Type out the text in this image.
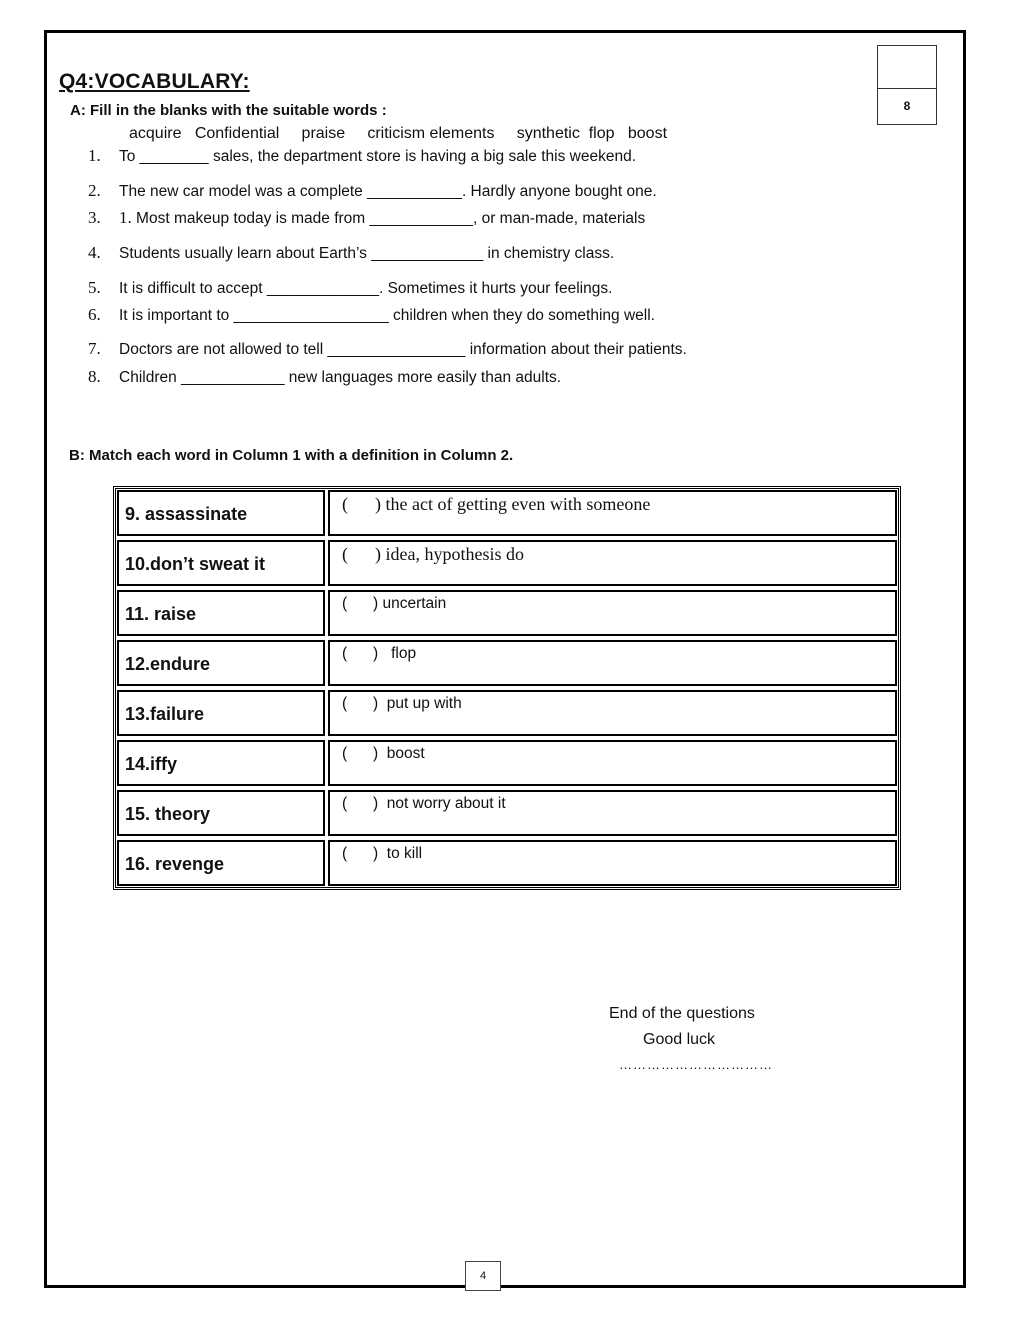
8
Q4:VOCABULARY:
A: Fill in the blanks with the suitable words :
acquire   Confidential     praise     criticism elements     synthetic  flop   boost
1. To ________ sales, the department store is having a big sale this weekend.
2. The new car model was a complete ___________. Hardly anyone bought one.
3. 1. Most makeup today is made from ____________, or man-made, materials
4. Students usually learn about Earth’s _____________ in chemistry class.
5. It is difficult to accept _____________. Sometimes it hurts your feelings.
6. It is important to __________________ children when they do something well.
7. Doctors are not allowed to tell ________________ information about their patients.
8. Children ____________ new languages more easily than adults.
B: Match each word in Column 1 with a definition in Column 2.
9. assassinate	(      ) the act of getting even with someone
10.don’t sweat it	(      ) idea, hypothesis do
11. raise
(      ) uncertain
12.endure
(      )   flop
13.failure
(      )  put up with
14.iffy
(      )  boost
15. theory
(      )  not worry about it
16. revenge
(      )  to kill
End of the questions
Good luck
……………………………
4
